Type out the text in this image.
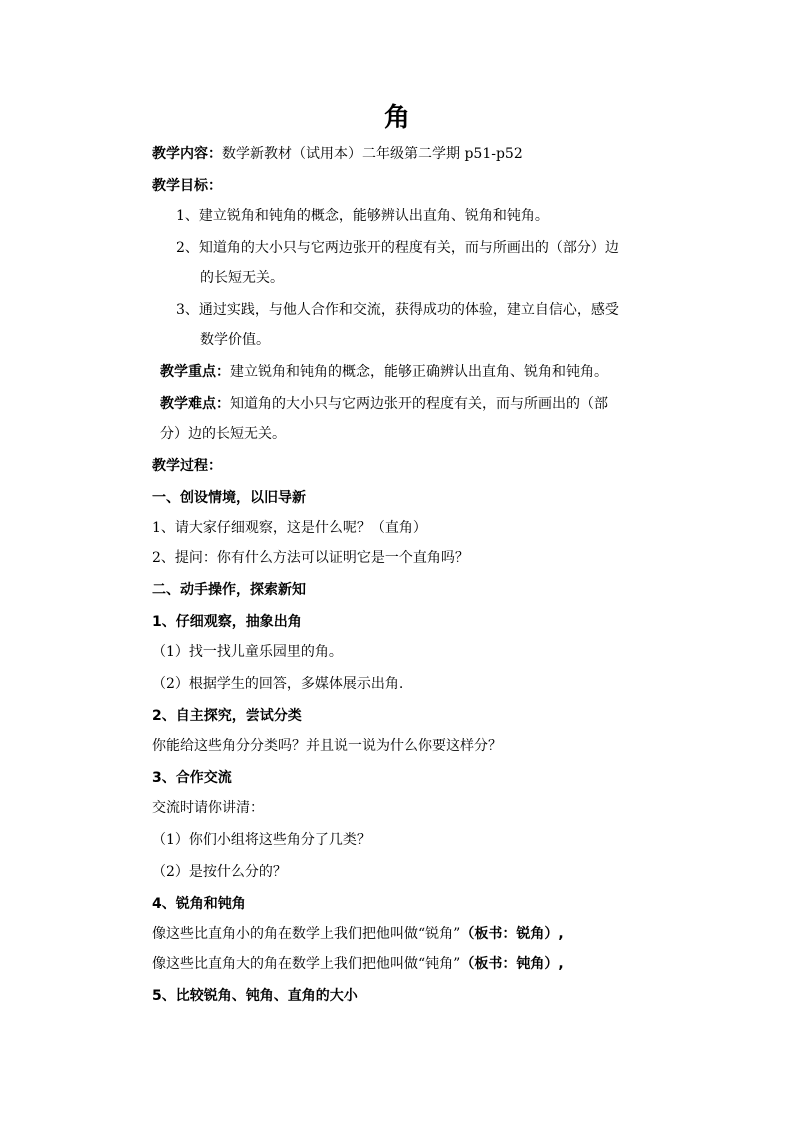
角
教学内容：数学新教材（试用本）二年级第二学期 p51-p52
教学目标：
1、建立锐角和钝角的概念，能够辨认出直角、锐角和钝角。
2、知道角的大小只与它两边张开的程度有关，而与所画出的（部分）边
的长短无关。
3、通过实践，与他人合作和交流，获得成功的体验，建立自信心，感受
数学价值。
教学重点：建立锐角和钝角的概念，能够正确辨认出直角、锐角和钝角。
教学难点：知道角的大小只与它两边张开的程度有关，而与所画出的（部
分）边的长短无关。
教学过程：
一、创设情境，以旧导新
1、请大家仔细观察，这是什么呢？（直角）
2、提问：你有什么方法可以证明它是一个直角吗？
二、动手操作，探索新知
1、仔细观察，抽象出角
（1）找一找儿童乐园里的角。
（2）根据学生的回答，多媒体展示出角.
2、自主探究，尝试分类
你能给这些角分分类吗？并且说一说为什么你要这样分？
3、合作交流
交流时请你讲清：
（1）你们小组将这些角分了几类？
（2）是按什么分的？
4、锐角和钝角
像这些比直角小的角在数学上我们把他叫做“锐角”（板书：锐角）,
像这些比直角大的角在数学上我们把他叫做“钝角”（板书：钝角）,
5、比较锐角、钝角、直角的大小
